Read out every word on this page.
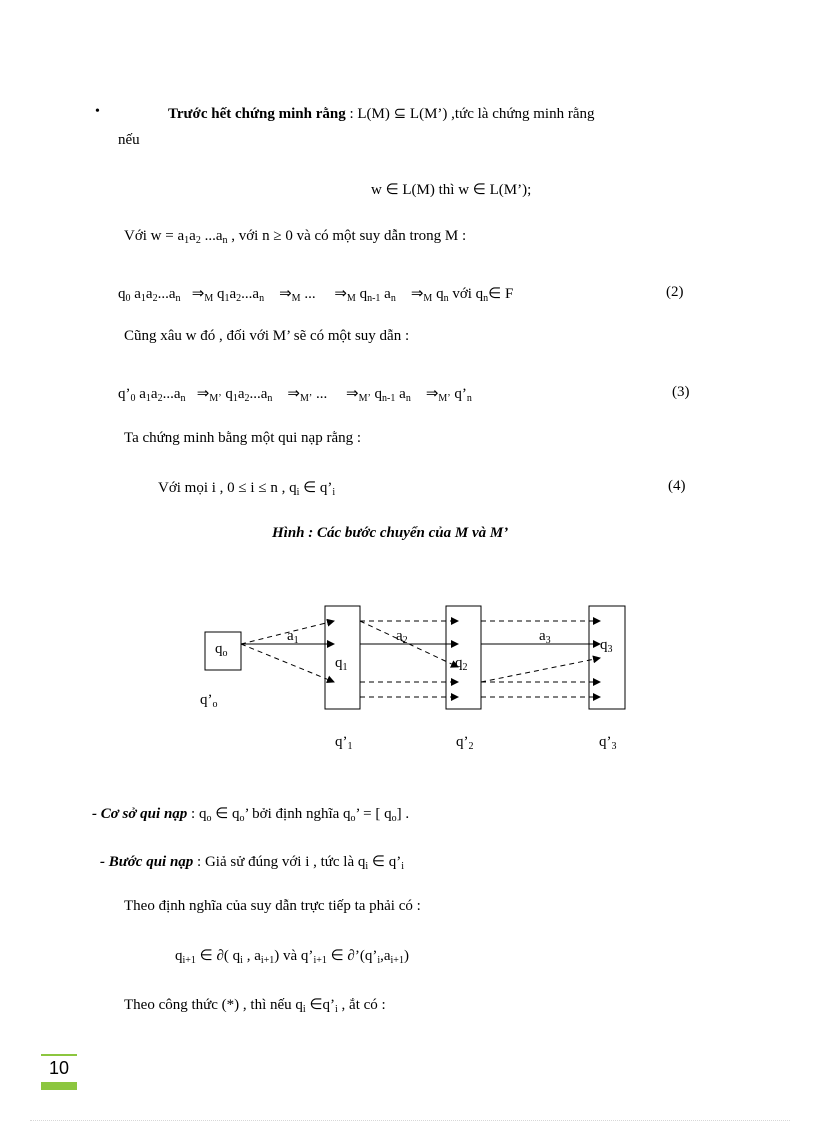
•	Trước hết chứng minh rằng : L(M) ⊆ L(M’) ,tức là chứng minh rằng
nếu
w ∈ L(M) thì w ∈ L(M’);
Với $w = a_1a_2$ $...a_n$ , với n ≥ 0 và có một suy dẫn trong M :
$q_0$ $a_1a_2...a_n$ $\Rightarrow_M$ $q_1a_2...a_n$ $\Rightarrow_M$ ... $\Rightarrow_M$ $q_{n-1}$ $a_n$ $\Rightarrow_M$ $q_n$ với $q_n\in$ F	(2)
Cũng xâu w đó , đối với M’ sẽ có một suy dẫn :
$q’_0$ $a_1a_2...a_n$ $\Rightarrow_{M’}$ $q_1a_2...a_n$ $\Rightarrow_{M’}$ ... $\Rightarrow_{M’}$ $q_{n-1}$ $a_n$ $\Rightarrow_{M’}$ $q’_n$	(3)
Ta chứng minh bằng một qui nạp rằng :
Với mọi i , 0 ≤ i ≤ n , $q_i$ ∈ $q’_i$	(4)
Hình : Các bước chuyển của M và M’
$q_o$
$q’_o$
$a_1$	$a_2$	$a_3$
$q_1$	$q_2$
$q_3$
$q’_1$	$q’_2$	$q’_3$
- Cơ sở qui nạp : $q_o$ ∈ $q_o$’ bởi định nghĩa $q_o$’ = [ $q_o$] .
- Bước qui nạp : Giả sử đúng với i , tức là $q_i$ ∈ $q’_i$
Theo định nghĩa của suy dẫn trực tiếp ta phải có :
$q_{i+1}$ ∈ ∂( $q_i$ , $a_{i+1}$) và $q’_{i+1}$ ∈ $\partial’(q’_i,a_{i+1})$
Theo công thức (*) , thì nếu $q_i$ $\in q’_i$ , ắt có :
10
